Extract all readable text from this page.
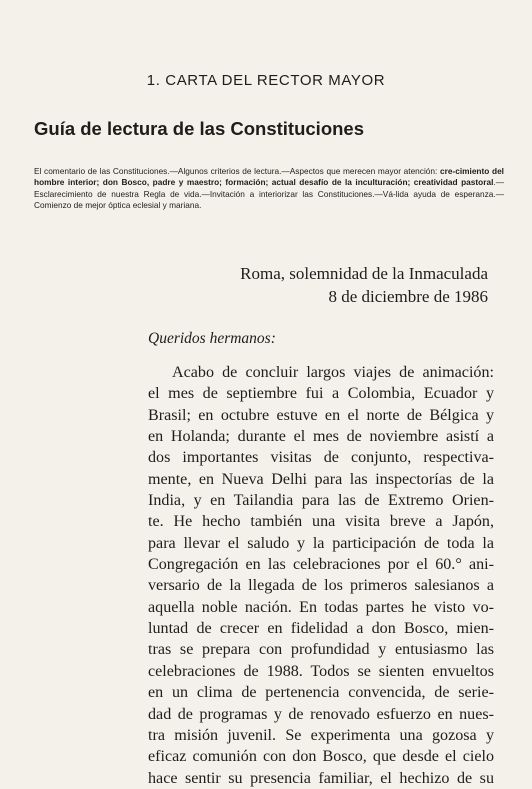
1. CARTA DEL RECTOR MAYOR
Guía de lectura de las Constituciones

El comentario de las Constituciones.—Algunos criterios de lectura.—Aspectos que merecen mayor atención: cre-cimiento del hombre interior; don Bosco, padre y maestro; formación; actual desafío de la inculturación; creatividad pastoral.—Esclarecimiento de nuestra Regla de vida.—Invitación a interiorizar las Constituciones.—Vá-lida ayuda de esperanza.—Comienzo de mejor óptica eclesial y mariana.

Roma, solemnidad de la Inmaculada
8 de diciembre de 1986
Queridos hermanos:
Acabo de concluir largos viajes de animación:
el mes de septiembre fui a Colombia, Ecuador y
Brasil; en octubre estuve en el norte de Bélgica y
en Holanda; durante el mes de noviembre asistí a
dos importantes visitas de conjunto, respectiva-
mente, en Nueva Delhi para las inspectorías de la
India, y en Tailandia para las de Extremo Orien-
te. He hecho también una visita breve a Japón,
para llevar el saludo y la participación de toda la
Congregación en las celebraciones por el 60.° ani-
versario de la llegada de los primeros salesianos a
aquella noble nación. En todas partes he visto vo-
luntad de crecer en fidelidad a don Bosco, mien-
tras se prepara con profundidad y entusiasmo las
celebraciones de 1988. Todos se sienten envueltos
en un clima de pertenencia convencida, de serie-
dad de programas y de renovado esfuerzo en nues-
tra misión juvenil. Se experimenta una gozosa y
eficaz comunión con don Bosco, que desde el cielo
hace sentir su presencia familiar, el hechizo de su
